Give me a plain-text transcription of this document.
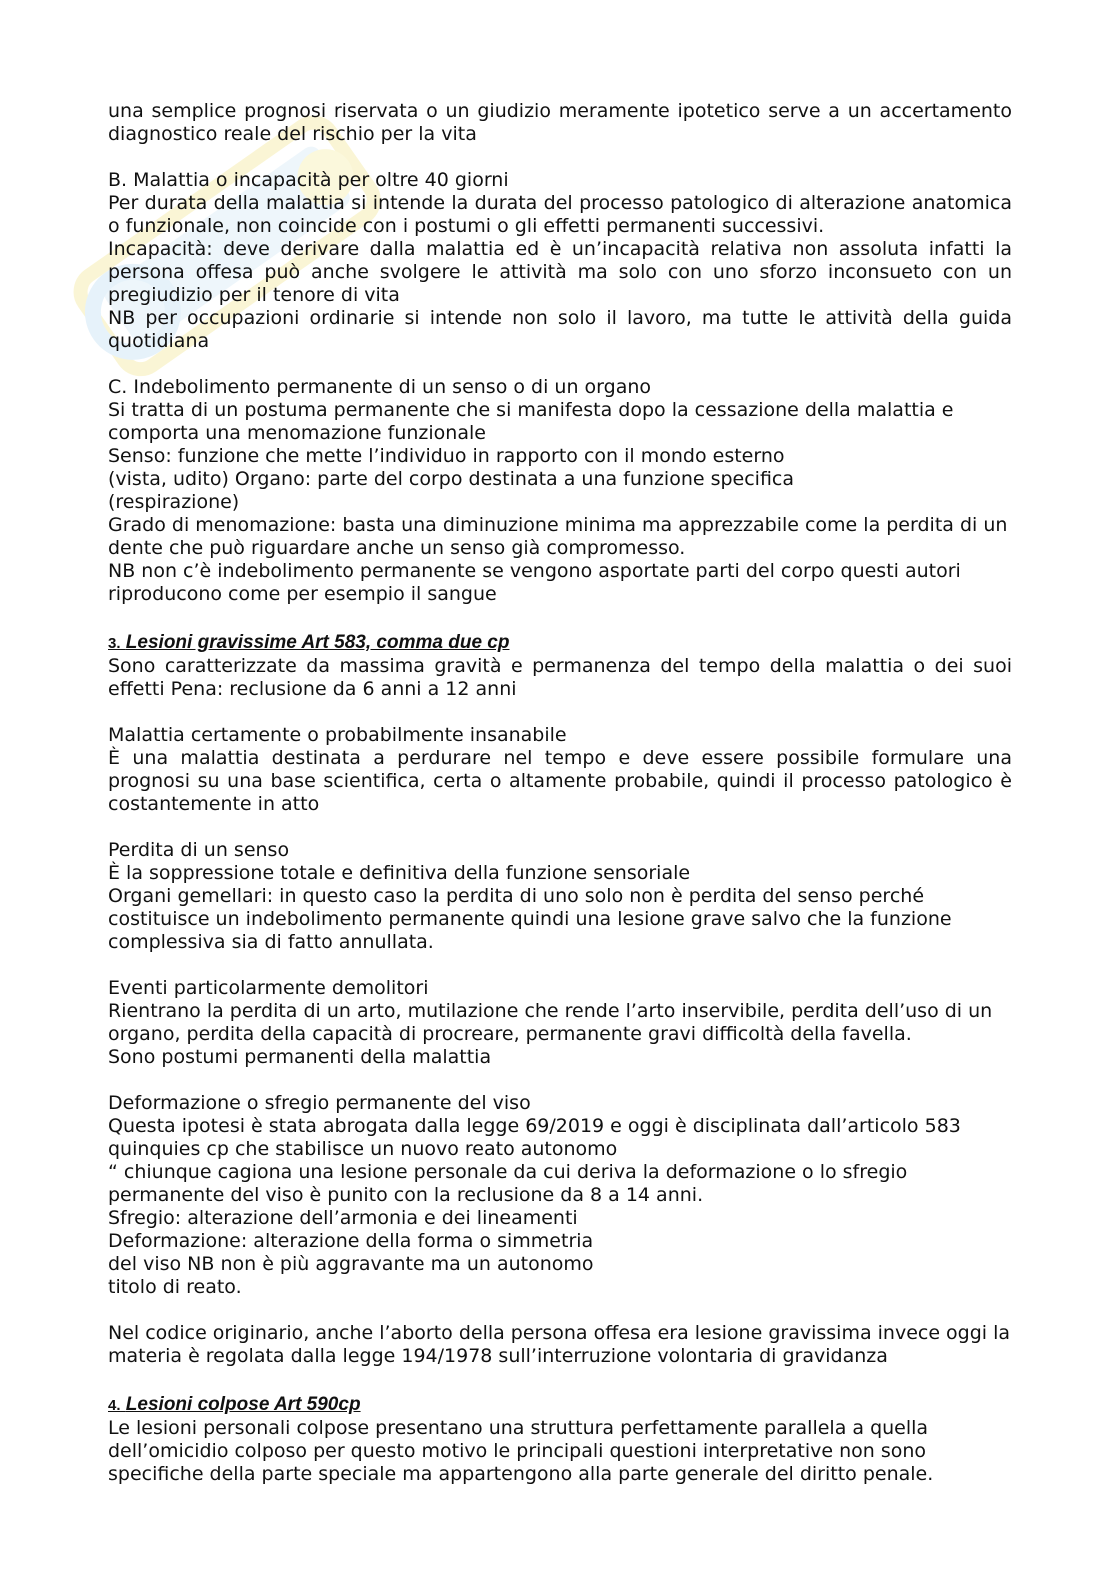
una semplice prognosi riservata o un giudizio meramente ipotetico serve a un accertamento diagnostico reale del rischio per la vita

B. Malattia o incapacità per oltre 40 giorni

Per durata della malattia si intende la durata del processo patologico di alterazione anatomica o funzionale, non coincide con i postumi o gli effetti permanenti successivi.

Incapacità: deve derivare dalla malattia ed è un’incapacità relativa non assoluta infatti la persona offesa può anche svolgere le attività ma solo con uno sforzo inconsueto con un pregiudizio per il tenore di vita

NB per occupazioni ordinarie si intende non solo il lavoro, ma tutte le attività della guida quotidiana

C. Indebolimento permanente di un senso o di un organo

Si tratta di un postuma permanente che si manifesta dopo la cessazione della malattia e comporta una menomazione funzionale

Senso: funzione che mette l’individuo in rapporto con il mondo esterno

(vista, udito) Organo: parte del corpo destinata a una funzione specifica

(respirazione)

Grado di menomazione: basta una diminuzione minima ma apprezzabile come la perdita di un dente che può riguardare anche un senso già compromesso.

NB non c’è indebolimento permanente se vengono asportate parti del corpo questi autori riproducono come per esempio il sangue

3. Lesioni gravissime Art 583, comma due cp

Sono caratterizzate da massima gravità e permanenza del tempo della malattia o dei suoi effetti Pena: reclusione da 6 anni a 12 anni

Malattia certamente o probabilmente insanabile

È una malattia destinata a perdurare nel tempo e deve essere possibile formulare una prognosi su una base scientifica, certa o altamente probabile, quindi il processo patologico è costantemente in atto

Perdita di un senso

È la soppressione totale e definitiva della funzione sensoriale

Organi gemellari: in questo caso la perdita di uno solo non è perdita del senso perché costituisce un indebolimento permanente quindi una lesione grave salvo che la funzione complessiva sia di fatto annullata.

Eventi particolarmente demolitori

Rientrano la perdita di un arto, mutilazione che rende l’arto inservibile, perdita dell’uso di un organo, perdita della capacità di procreare, permanente gravi difficoltà della favella.

Sono postumi permanenti della malattia

Deformazione o sfregio permanente del viso

Questa ipotesi è stata abrogata dalla legge 69/2019 e oggi è disciplinata dall’articolo 583 quinquies cp che stabilisce un nuovo reato autonomo

“ chiunque cagiona una lesione personale da cui deriva la deformazione o lo sfregio permanente del viso è punito con la reclusione da 8 a 14 anni.

Sfregio: alterazione dell’armonia e dei lineamenti

Deformazione: alterazione della forma o simmetria

del viso NB non è più aggravante ma un autonomo

titolo di reato.

Nel codice originario, anche l’aborto della persona offesa era lesione gravissima invece oggi la materia è regolata dalla legge 194/1978 sull’interruzione volontaria di gravidanza

4. Lesioni colpose Art 590cp

Le lesioni personali colpose presentano una struttura perfettamente parallela a quella dell’omicidio colposo per questo motivo le principali questioni interpretative non sono specifiche della parte speciale ma appartengono alla parte generale del diritto penale.
